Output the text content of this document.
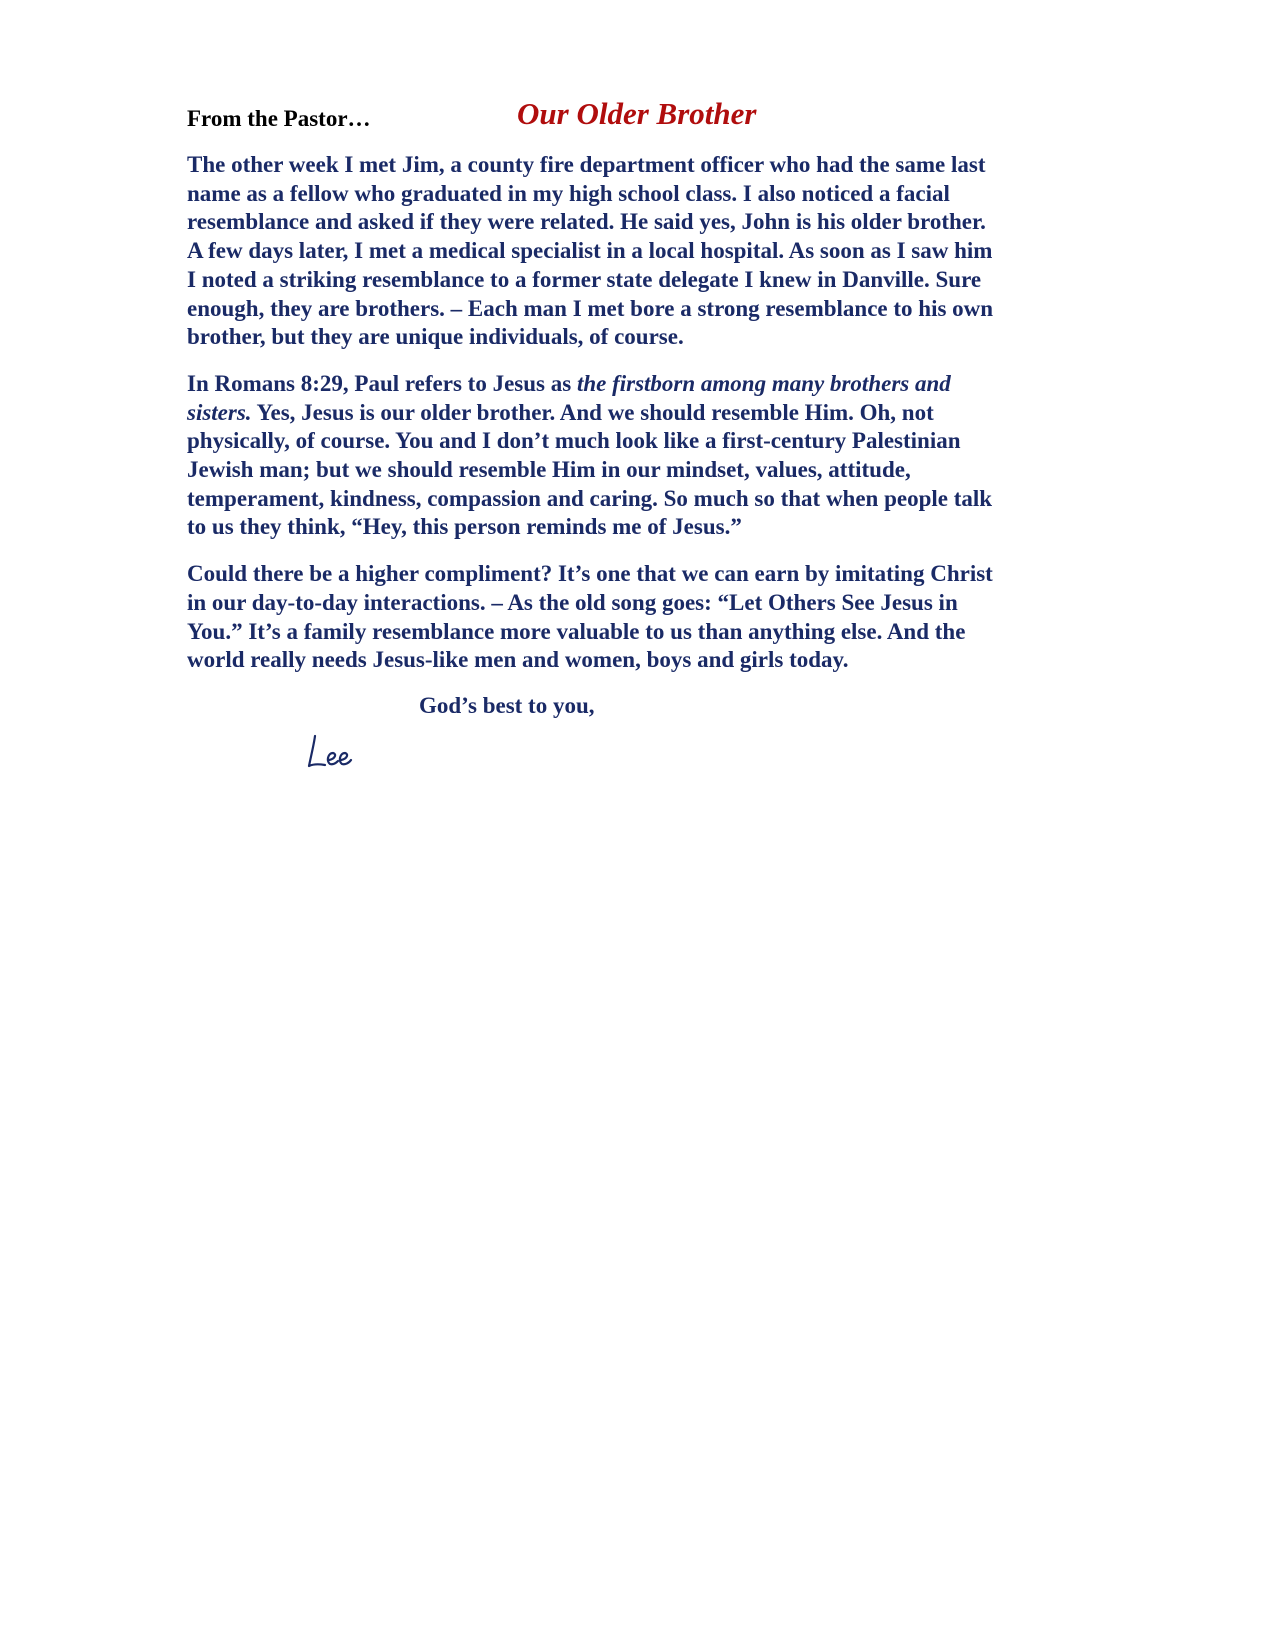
From the Pastor…	Our Older Brother

The other week I met Jim, a county fire department officer who had the same last
name as a fellow who graduated in my high school class. I also noticed a facial
resemblance and asked if they were related. He said yes, John is his older brother.
A few days later, I met a medical specialist in a local hospital. As soon as I saw him
I noted a striking resemblance to a former state delegate I knew in Danville. Sure
enough, they are brothers. – Each man I met bore a strong resemblance to his own
brother, but they are unique individuals, of course.

In Romans 8:29, Paul refers to Jesus as the firstborn among many brothers and
sisters. Yes, Jesus is our older brother. And we should resemble Him. Oh, not
physically, of course. You and I don’t much look like a first-century Palestinian
Jewish man; but we should resemble Him in our mindset, values, attitude,
temperament, kindness, compassion and caring. So much so that when people talk
to us they think, “Hey, this person reminds me of Jesus.”

Could there be a higher compliment? It’s one that we can earn by imitating Christ
in our day-to-day interactions. – As the old song goes: “Let Others See Jesus in
You.” It’s a family resemblance more valuable to us than anything else. And the
world really needs Jesus-like men and women, boys and girls today.

God’s best to you,
